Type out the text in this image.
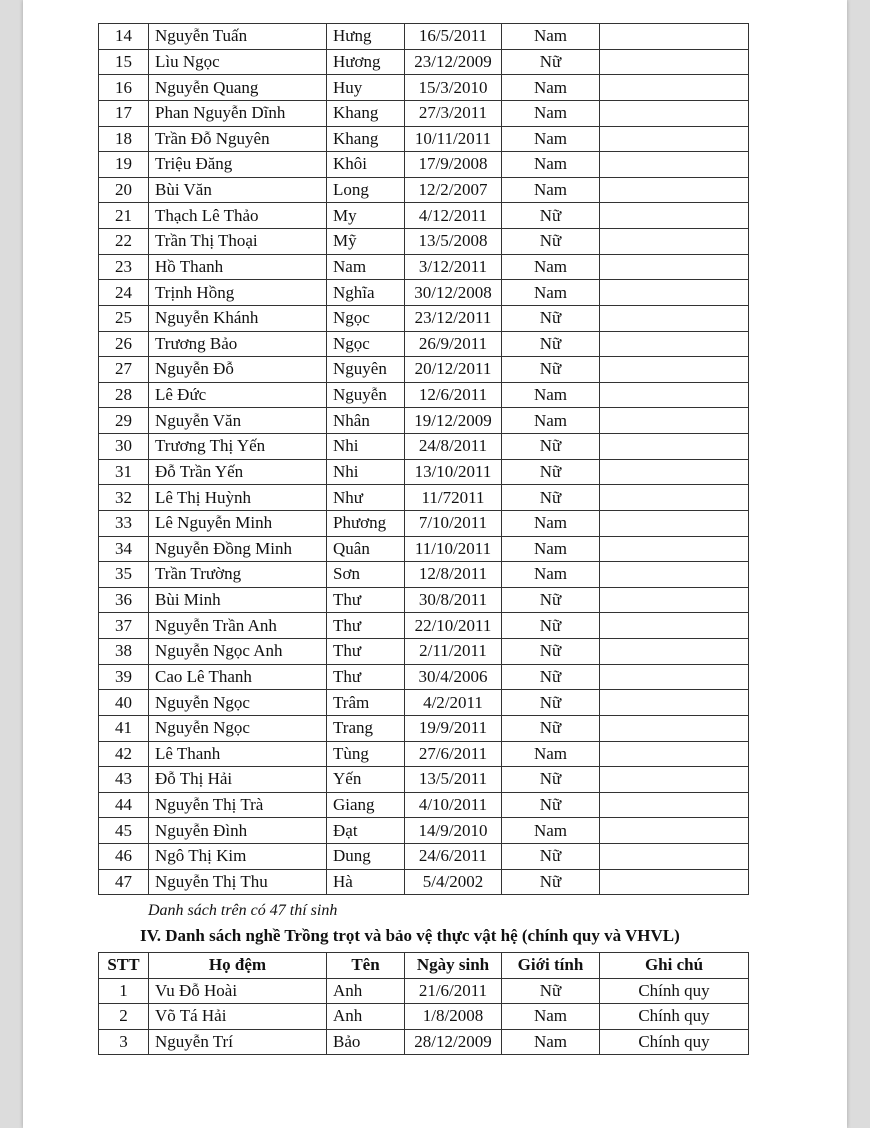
14	Nguyễn Tuấn	Hưng	16/5/2011	Nam	
15	Lìu Ngọc	Hương	23/12/2009	Nữ	
16	Nguyễn Quang	Huy	15/3/2010	Nam	
17	Phan Nguyễn Dĩnh	Khang	27/3/2011	Nam	
18	Trần Đỗ Nguyên	Khang	10/11/2011	Nam	
19	Triệu Đăng	Khôi	17/9/2008	Nam	
20	Bùi Văn	Long	12/2/2007	Nam	
21	Thạch Lê Thảo	My	4/12/2011	Nữ	
22	Trần Thị Thoại	Mỹ	13/5/2008	Nữ	
23	Hồ Thanh	Nam	3/12/2011	Nam	
24	Trịnh Hồng	Nghĩa	30/12/2008	Nam	
25	Nguyễn Khánh	Ngọc	23/12/2011	Nữ	
26	Trương Bảo	Ngọc	26/9/2011	Nữ	
27	Nguyễn Đỗ	Nguyên	20/12/2011	Nữ	
28	Lê Đức	Nguyễn	12/6/2011	Nam	
29	Nguyễn Văn	Nhân	19/12/2009	Nam	
30	Trương Thị Yến	Nhi	24/8/2011	Nữ	
31	Đỗ Trần Yến	Nhi	13/10/2011	Nữ	
32	Lê Thị Huỳnh	Như	11/72011	Nữ	
33	Lê Nguyễn Minh	Phương	7/10/2011	Nam	
34	Nguyễn Đồng Minh	Quân	11/10/2011	Nam	
35	Trần Trường	Sơn	12/8/2011	Nam	
36	Bùi Minh	Thư	30/8/2011	Nữ	
37	Nguyễn Trần Anh	Thư	22/10/2011	Nữ	
38	Nguyễn Ngọc Anh	Thư	2/11/2011	Nữ	
39	Cao Lê Thanh	Thư	30/4/2006	Nữ	
40	Nguyễn Ngọc	Trâm	4/2/2011	Nữ	
41	Nguyễn Ngọc	Trang	19/9/2011	Nữ	
42	Lê Thanh	Tùng	27/6/2011	Nam	
43	Đỗ Thị Hải	Yến	13/5/2011	Nữ	
44	Nguyễn Thị Trà	Giang	4/10/2011	Nữ	
45	Nguyễn Đình	Đạt	14/9/2010	Nam	
46	Ngô Thị Kim	Dung	24/6/2011	Nữ	
47	Nguyễn Thị Thu	Hà	5/4/2002	Nữ	
Danh sách trên có 47 thí sinh
IV. Danh sách nghề Trồng trọt và bảo vệ thực vật hệ (chính quy và VHVL)
STT	Họ đệm	Tên	Ngày sinh	Giới tính	Ghi chú
1	Vu Đỗ Hoài	Anh	21/6/2011	Nữ	Chính quy
2	Võ Tá Hải	Anh	1/8/2008	Nam	Chính quy
3	Nguyễn Trí	Bảo	28/12/2009	Nam	Chính quy
